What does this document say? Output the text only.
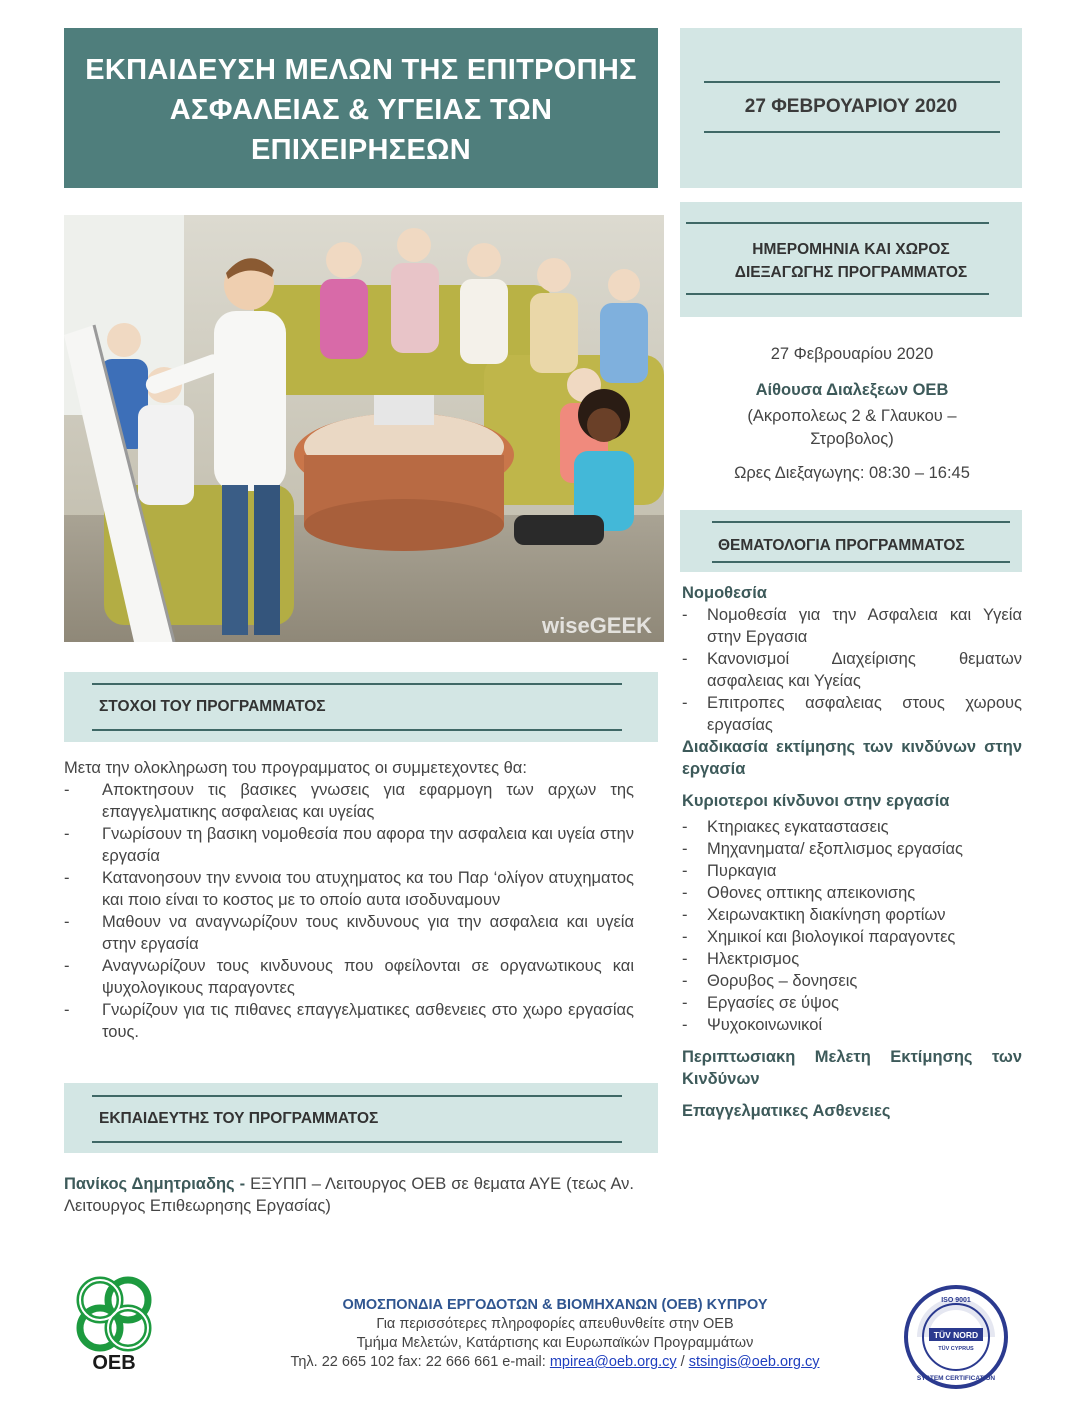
ΕΚΠΑΙΔΕΥΣΗ ΜΕΛΩΝ ΤΗΣ ΕΠΙΤΡΟΠΗΣ
ΑΣΦΑΛΕΙΑΣ & ΥΓΕΙΑΣ ΤΩΝ
ΕΠΙΧΕΙΡΗΣΕΩΝ
27 ΦΕΒΡΟΥΑΡΙΟΥ 2020
wiseGEEK
ΗΜΕΡΟΜΗΝΙΑ ΚΑΙ ΧΩΡΟΣ
ΔΙΕΞΑΓΩΓΗΣ ΠΡΟΓΡΑΜΜΑΤΟΣ
27 Φεβρουαρίου 2020
Αίθουσα Διαλεξεων ΟΕΒ
(Ακροπολεως 2 & Γλαυκου –
Στροβολος)
Ωρες Διεξαγωγης: 08:30 – 16:45
ΘΕΜΑΤΟΛΟΓΙΑ ΠΡΟΓΡΑΜΜΑΤΟΣ
Νομοθεσία
-	Νομοθεσία για την Ασφαλεια και Υγεία στην Εργασια
-	Κανονισμοί Διαχείρισης θεματων ασφαλειας και Υγείας
-	Επιτροπες ασφαλειας στους χωρους εργασίας
Διαδικασία εκτίμησης των κινδύνων στην εργασία
Κυριοτεροι κίνδυνοι στην εργασία
-	Κτηριακες εγκαταστασεις
-	Μηχανηματα/ εξοπλισμος εργασίας
-	Πυρκαγια
-	Οθονες οπτικης απεικονισης
-	Χειρωνακτικη διακίνηση φορτίων
-	Χημικοί και βιολογικοί παραγοντες
-	Ηλεκτρισμος
-	Θορυβος – δονησεις
-	Εργασίες σε ύψος
-	Ψυχοκοινωνικοί
Περιπτωσιακη Μελετη Εκτίμησης των Κινδύνων
Επαγγελματικες Ασθενειες
ΣΤΟΧΟΙ ΤΟΥ ΠΡΟΓΡΑΜΜΑΤΟΣ
Μετα την ολοκληρωση του προγραμματος οι συμμετεχοντες θα:
-	Αποκτησουν τις βασικες γνωσεις για εφαρμογη των αρχων της επαγγελματικης ασφαλειας και υγείας
-	Γνωρίσουν τη βασικη νομοθεσία που αφορα την ασφαλεια και υγεία στην εργασία
-	Κατανοησουν την εννοια του ατυχηματος κα του Παρ ‘ολίγον ατυχηματος και ποιο είναι το κοστος με το οποίο αυτα ισοδυναμουν
-	Μαθουν να αναγνωρίζουν τους κινδυνους για την ασφαλεια και υγεία στην εργασία
-	Αναγνωρίζουν τους κινδυνους που οφείλονται σε οργανωτικους και ψυχολογικους παραγοντες
-	Γνωρίζουν για τις πιθανες επαγγελματικες ασθενειες στο χωρο εργασίας τους.
ΕΚΠΑΙΔΕΥΤΗΣ ΤΟΥ ΠΡΟΓΡΑΜΜΑΤΟΣ
Πανίκος Δημητριαδης - ΕΞΥΠΠ – Λειτουργος ΟΕΒ σε θεματα ΑΥΕ (τεως Αν. Λειτουργος Επιθεωρησης Εργασίας)
ΟΕΒ
ΟΜΟΣΠΟΝΔΙΑ ΕΡΓΟΔΟΤΩΝ & ΒΙΟΜΗΧΑΝΩΝ (ΟΕΒ) ΚΥΠΡΟΥ
Για περισσότερες πληροφορίες απευθυνθείτε στην ΟΕΒ
Τμήμα Μελετών, Κατάρτισης και Ευρωπαϊκών Προγραμμάτων
Τηλ. 22 665 102 fax: 22 666 661 e-mail: mpirea@oeb.org.cy / stsingis@oeb.org.cy
TÜV NORD
TÜV CYPRUS
ISO 9001
SYSTEM CERTIFICATION
